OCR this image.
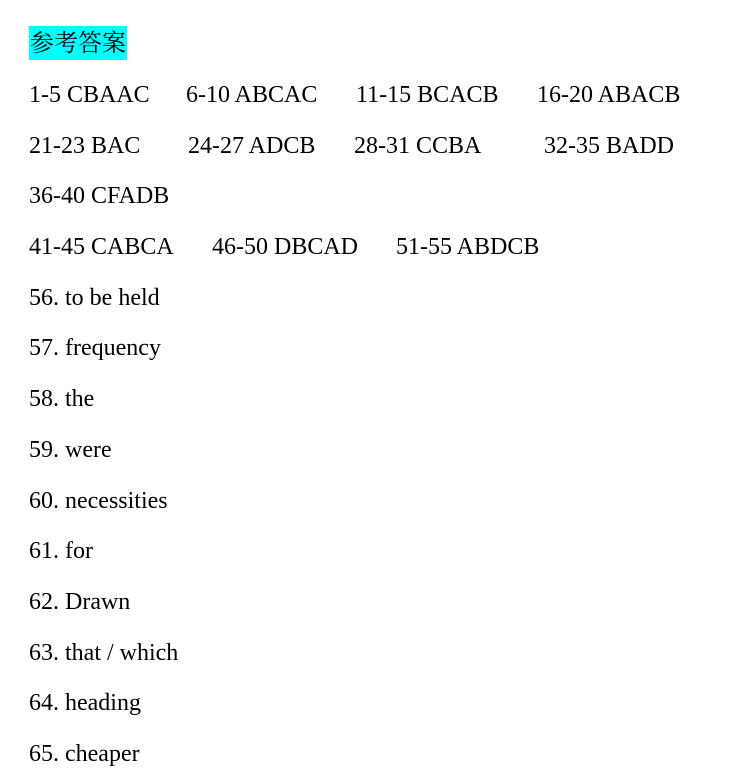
参考答案

1-5 CBAAC

6-10 ABCAC

11-15 BCACB

16-20 ABACB

21-23 BAC

24-27 ADCB

28-31 CCBA

	32-35 BADD

36-40 CFADB

41-45 CABCA

46-50 DBCAD

51-55 ABDCB

56. to be held
57. frequency
58. the
59. were
60. necessities
61. for
62. Drawn
63. that / which
64. heading
65. cheaper
